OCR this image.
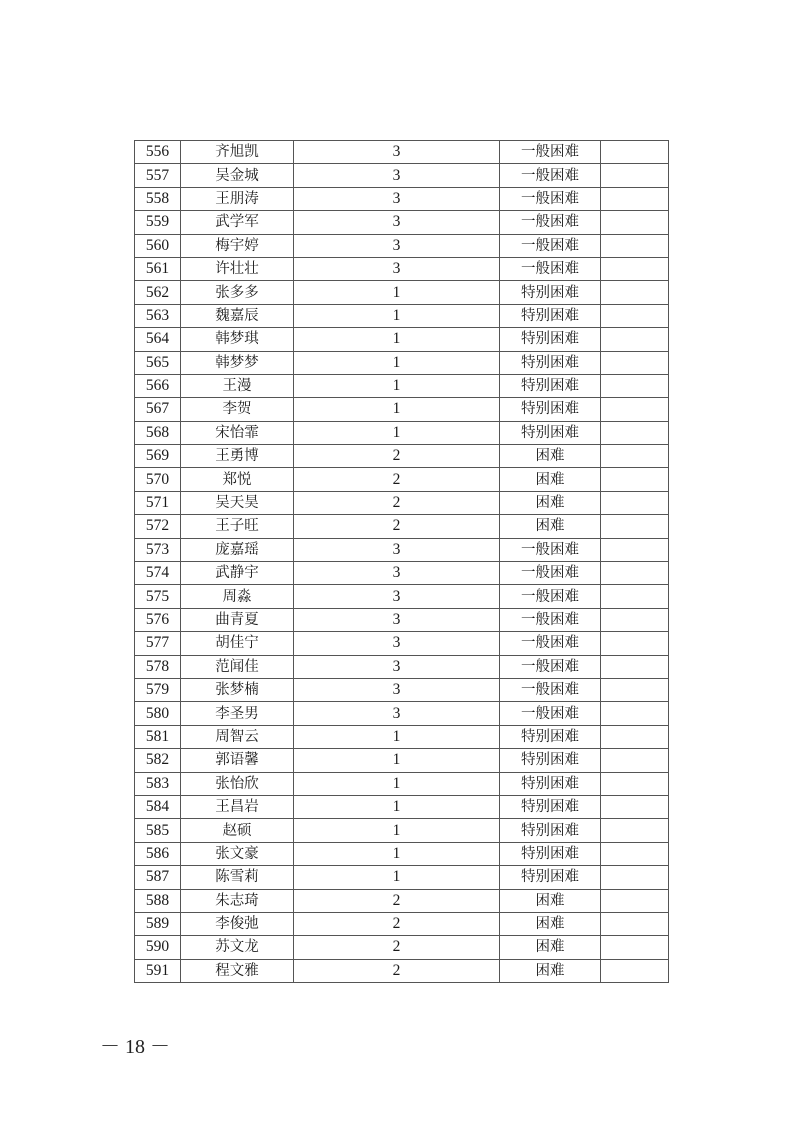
556	齐旭凯	3	一般困难	
557	吴金城	3	一般困难	
558	王朋涛	3	一般困难	
559	武学军	3	一般困难	
560	梅宇婷	3	一般困难	
561	许壮壮	3	一般困难	
562	张多多	1	特别困难	
563	魏嘉辰	1	特别困难	
564	韩梦琪	1	特别困难	
565	韩梦梦	1	特别困难	
566	王漫	1	特别困难	
567	李贺	1	特别困难	
568	宋怡霏	1	特别困难	
569	王勇博	2	困难	
570	郑悦	2	困难	
571	吴天昊	2	困难	
572	王子旺	2	困难	
573	庞嘉瑶	3	一般困难	
574	武静宇	3	一般困难	
575	周淼	3	一般困难	
576	曲青夏	3	一般困难	
577	胡佳宁	3	一般困难	
578	范闻佳	3	一般困难	
579	张梦楠	3	一般困难	
580	李圣男	3	一般困难	
581	周智云	1	特别困难	
582	郭语馨	1	特别困难	
583	张怡欣	1	特别困难	
584	王昌岩	1	特别困难	
585	赵硕	1	特别困难	
586	张文豪	1	特别困难	
587	陈雪莉	1	特别困难	
588	朱志琦	2	困难	
589	李俊弛	2	困难	
590	苏文龙	2	困难	
591	程文雅	2	困难	
－ 18 －
